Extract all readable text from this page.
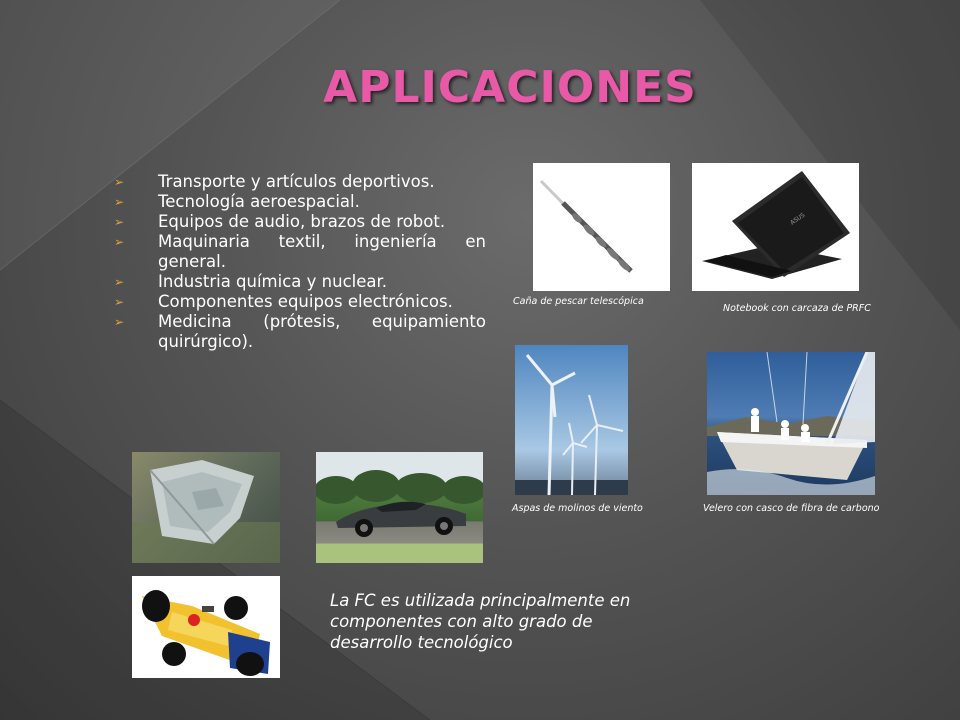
APLICACIONES
➢ Transporte y artículos deportivos.
➢ Tecnología aeroespacial.
➢ Equipos de audio, brazos de robot.
➢ Maquinaria textil, ingeniería en general.
➢ Industria química y nuclear.
➢ Componentes equipos electrónicos.
➢ Medicina (prótesis, equipamiento quirúrgico).
Caña de pescar telescópica
ASUS
Notebook con carcaza de PRFC
Aspas de molinos de viento	Velero con casco de fibra de carbono
La FC es utilizada principalmente en componentes con alto grado de desarrollo tecnológico
